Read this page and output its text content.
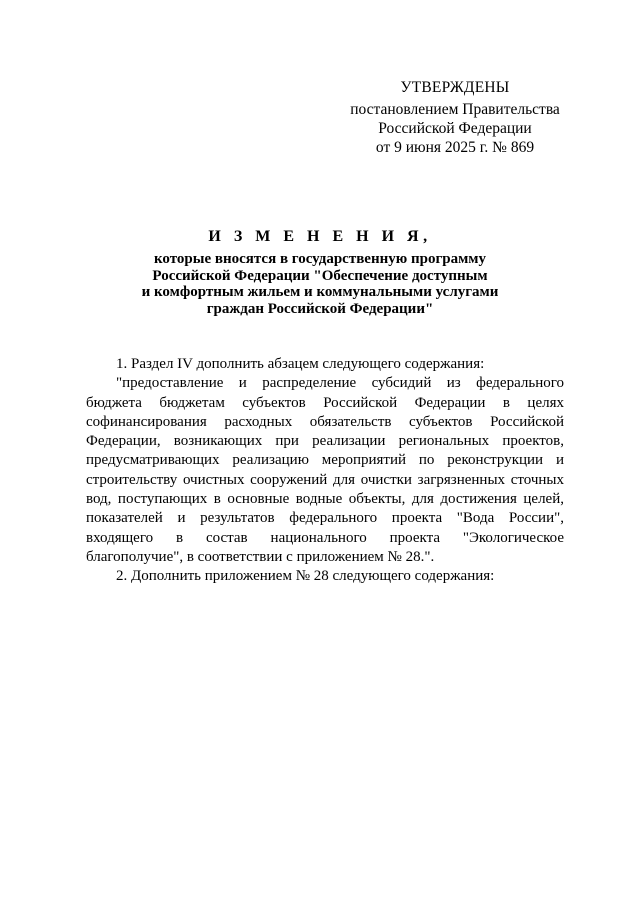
УТВЕРЖДЕНЫ
постановлением Правительства
Российской Федерации
от 9 июня 2025 г. № 869
И З М Е Н Е Н И Я,
которые вносятся в государственную программу
Российской Федерации "Обеспечение доступным
и комфортным жильем и коммунальными услугами
граждан Российской Федерации"

1. Раздел IV дополнить абзацем следующего содержания:

"предоставление и распределение субсидий из федерального бюджета бюджетам субъектов Российской Федерации в целях софинансирования расходных обязательств субъектов Российской Федерации, возникающих при реализации региональных проектов, предусматривающих реализацию мероприятий по реконструкции и строительству очистных сооружений для очистки загрязненных сточных вод, поступающих в основные водные объекты, для достижения целей, показателей и результатов федерального проекта "Вода России", входящего в состав национального проекта "Экологическое благополучие", в соответствии с приложением № 28.".

2. Дополнить приложением № 28 следующего содержания:
